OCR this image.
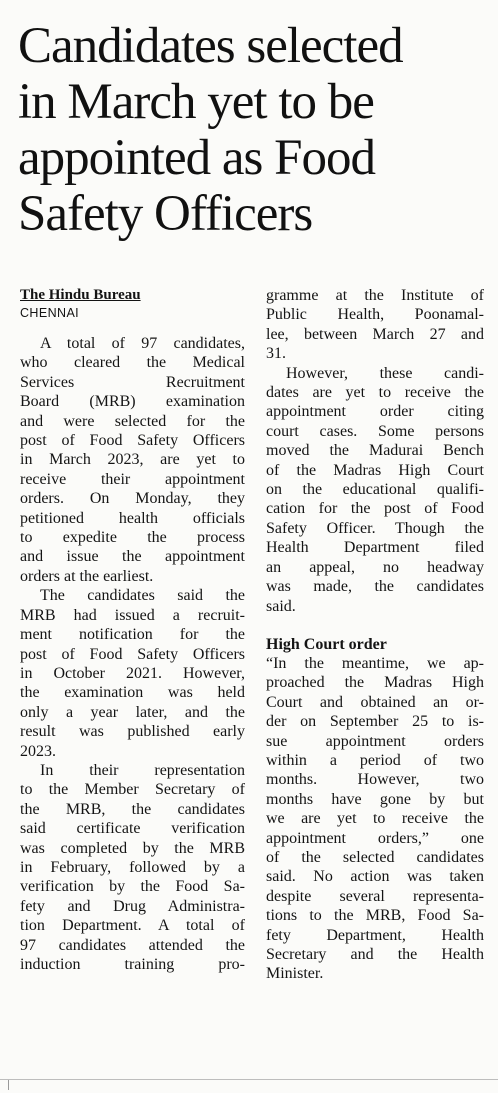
Candidates selected
in March yet to be
appointed as Food
Safety Officers
The Hindu Bureau
CHENNAI
A total of 97 candidates,
who cleared the Medical
Services Recruitment
Board (MRB) examination
and were selected for the
post of Food Safety Officers
in March 2023, are yet to
receive their appointment
orders. On Monday, they
petitioned health officials
to expedite the process
and issue the appointment
orders at the earliest.
The candidates said the
MRB had issued a recruit-
ment notification for the
post of Food Safety Officers
in October 2021. However,
the examination was held
only a year later, and the
result was published early
2023.
In their representation
to the Member Secretary of
the MRB, the candidates
said certificate verification
was completed by the MRB
in February, followed by a
verification by the Food Sa-
fety and Drug Administra-
tion Department. A total of
97 candidates attended the
induction training pro-
gramme at the Institute of
Public Health, Poonamal-
lee, between March 27 and
31.
However, these candi-
dates are yet to receive the
appointment order citing
court cases. Some persons
moved the Madurai Bench
of the Madras High Court
on the educational qualifi-
cation for the post of Food
Safety Officer. Though the
Health Department filed
an appeal, no headway
was made, the candidates
said.
High Court order
“In the meantime, we ap-
proached the Madras High
Court and obtained an or-
der on September 25 to is-
sue appointment orders
within a period of two
months. However, two
months have gone by but
we are yet to receive the
appointment orders,” one
of the selected candidates
said. No action was taken
despite several representa-
tions to the MRB, Food Sa-
fety Department, Health
Secretary and the Health
Minister.
